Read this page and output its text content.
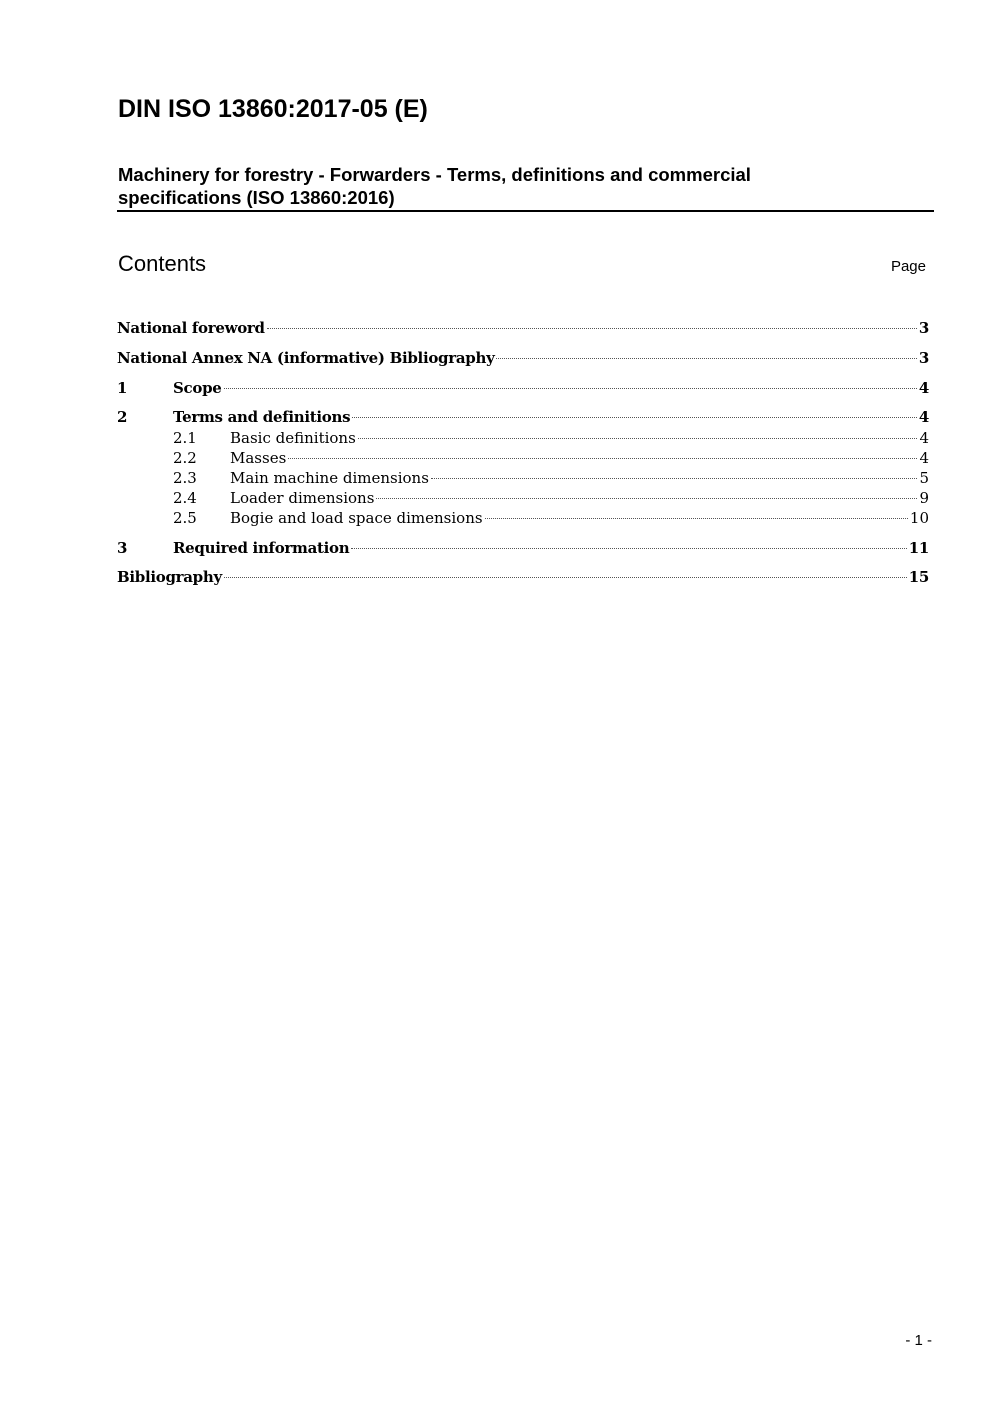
DIN ISO 13860:2017-05 (E)
Machinery for forestry - Forwarders - Terms, definitions and commercial specifications (ISO 13860:2016)
Contents	Page
National foreword	3
National Annex NA (informative) Bibliography	3
1	Scope	4
2	Terms and definitions	4
2.1	Basic definitions	4
2.2	Masses	4
2.3	Main machine dimensions	5
2.4	Loader dimensions	9
2.5	Bogie and load space dimensions	10
3	Required information	11
Bibliography	15
- 1 -
